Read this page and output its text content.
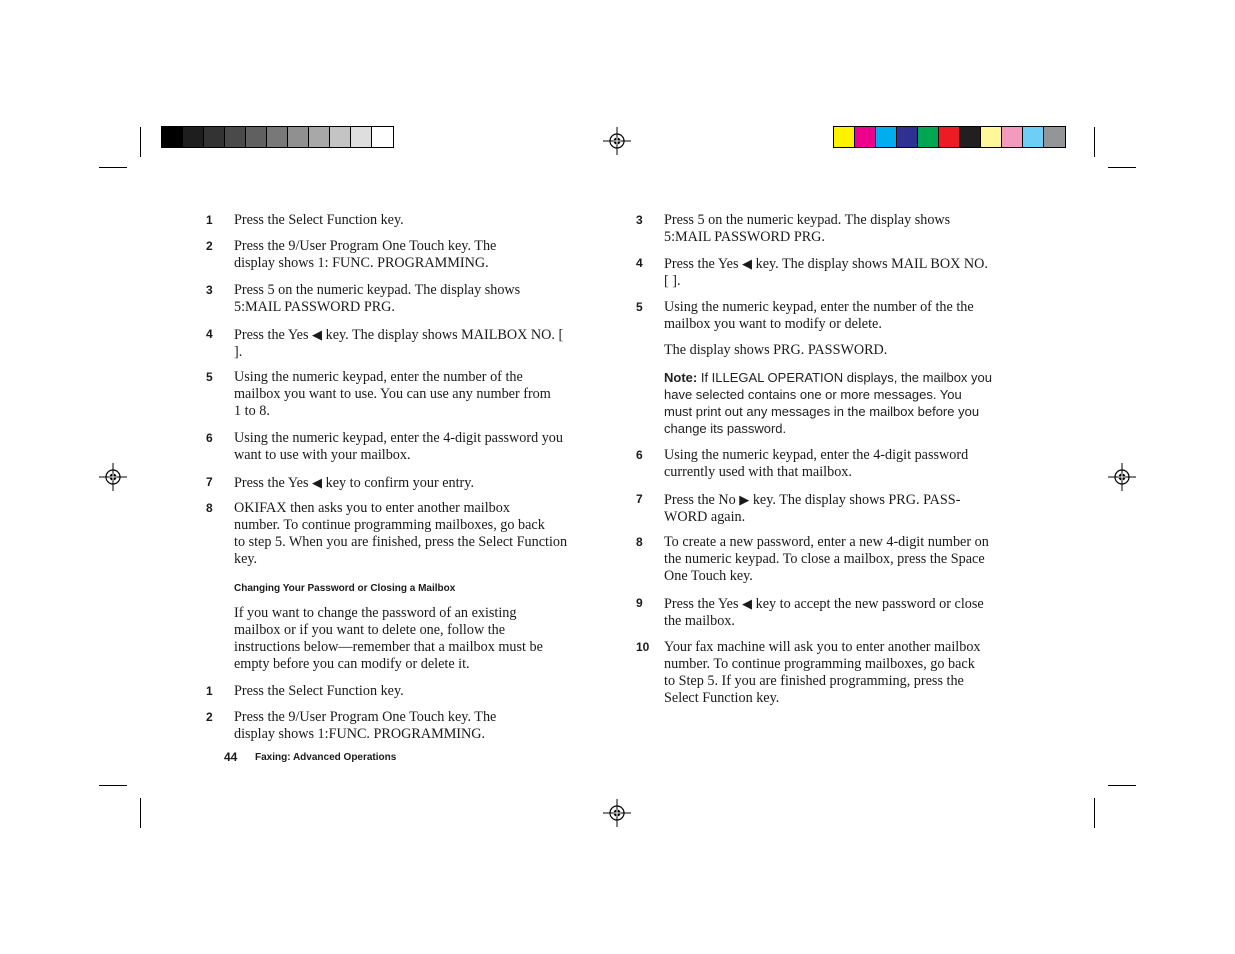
1	Press the Select Function key.
2	Press the 9/User Program One Touch key. The
display shows 1: FUNC. PROGRAMMING.
3	Press 5 on the numeric keypad. The display shows
5:MAIL PASSWORD PRG.
4	Press the Yes ◀ key. The display shows MAILBOX NO. [
].
5	Using the numeric keypad, enter the number of the
mailbox you want to use. You can use any number from
1 to 8.
6	Using the numeric keypad, enter the 4-digit password you
want to use with your mailbox.
7	Press the Yes ◀ key to confirm your entry.
8	OKIFAX then asks you to enter another mailbox
number. To continue programming mailboxes, go back
to step 5. When you are finished, press the Select Function
key.
Changing Your Password or Closing a Mailbox
If you want to change the password of an existing
mailbox or if you want to delete one, follow the
instructions below—remember that a mailbox must be
empty before you can modify or delete it.
1	Press the Select Function key.
2	Press the 9/User Program One Touch key. The
display shows 1:FUNC. PROGRAMMING.
44 Faxing: Advanced Operations
3	Press 5 on the numeric keypad. The display shows
5:MAIL PASSWORD PRG.
4	Press the Yes ◀ key. The display shows MAIL BOX NO.
[ ].
5	Using the numeric keypad, enter the number of the the
mailbox you want to modify or delete.
The display shows PRG. PASSWORD.
Note: If ILLEGAL OPERATION displays, the mailbox you
have selected contains one or more messages. You
must print out any messages in the mailbox before you
change its password.
6	Using the numeric keypad, enter the 4-digit password
currently used with that mailbox.
7	Press the No ▶ key. The display shows PRG. PASS-
WORD again.
8	To create a new password, enter a new 4-digit number on
the numeric keypad. To close a mailbox, press the Space
One Touch key.
9	Press the Yes ◀ key to accept the new password or close
the mailbox.
10	Your fax machine will ask you to enter another mailbox
number. To continue programming mailboxes, go back
to Step 5. If you are finished programming, press the
Select Function key.
